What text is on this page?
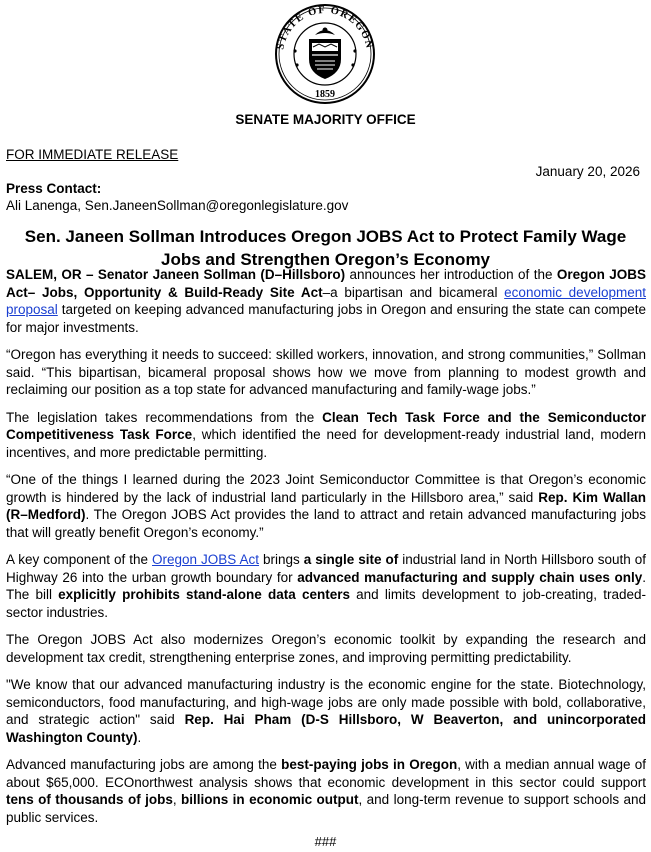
STATE OF OREGON
1859
SENATE MAJORITY OFFICE
FOR IMMEDIATE RELEASE
January 20, 2026
Press Contact:
Ali Lanenga, Sen.JaneenSollman@oregonlegislature.gov
Sen. Janeen Sollman Introduces Oregon JOBS Act to Protect Family Wage Jobs and Strengthen Oregon’s Economy

SALEM, OR – Senator Janeen Sollman (D–Hillsboro) announces her introduction of the Oregon JOBS Act– Jobs, Opportunity & Build-Ready Site Act–a bipartisan and bicameral economic development proposal targeted on keeping advanced manufacturing jobs in Oregon and ensuring the state can compete for major investments.

“Oregon has everything it needs to succeed: skilled workers, innovation, and strong communities,” Sollman said. “This bipartisan, bicameral proposal shows how we move from planning to modest growth and reclaiming our position as a top state for advanced manufacturing and family-wage jobs.”

The legislation takes recommendations from the Clean Tech Task Force and the Semiconductor Competitiveness Task Force, which identified the need for development-ready industrial land, modern incentives, and more predictable permitting.

“One of the things I learned during the 2023 Joint Semiconductor Committee is that Oregon’s economic growth is hindered by the lack of industrial land particularly in the Hillsboro area,” said Rep. Kim Wallan (R–Medford). The Oregon JOBS Act provides the land to attract and retain advanced manufacturing jobs that will greatly benefit Oregon’s economy.”

A key component of the Oregon JOBS Act brings a single site of industrial land in North Hillsboro south of Highway 26 into the urban growth boundary for advanced manufacturing and supply chain uses only. The bill explicitly prohibits stand-alone data centers and limits development to job-creating, traded-sector industries.

The Oregon JOBS Act also modernizes Oregon’s economic toolkit by expanding the research and development tax credit, strengthening enterprise zones, and improving permitting predictability.

"We know that our advanced manufacturing industry is the economic engine for the state. Biotechnology, semiconductors, food manufacturing, and high-wage jobs are only made possible with bold, collaborative, and strategic action" said Rep. Hai Pham (D-S Hillsboro, W Beaverton, and unincorporated Washington County).

Advanced manufacturing jobs are among the best-paying jobs in Oregon, with a median annual wage of about $65,000. ECOnorthwest analysis shows that economic development in this sector could support tens of thousands of jobs, billions in economic output, and long-term revenue to support schools and public services.

###
